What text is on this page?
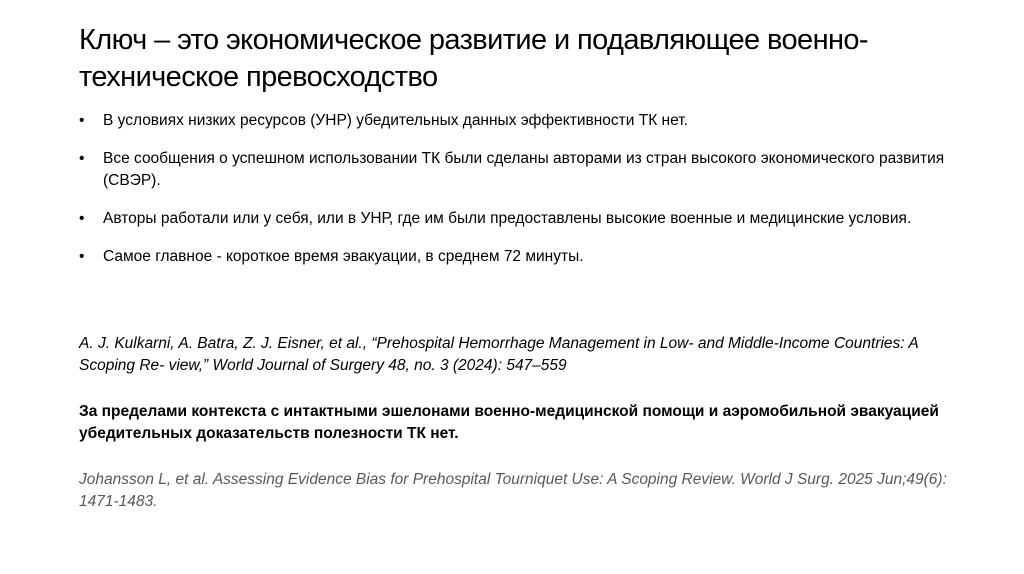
Ключ – это экономическое развитие и подавляющее военно-техническое превосходство
•	В условиях низких ресурсов (УНР) убедительных данных эффективности ТК нет.
•	Все сообщения о успешном использовании ТК были сделаны авторами из стран высокого экономического развития (СВЭР).
•	Авторы работали или у себя, или в УНР, где им были предоставлены высокие военные и медицинские условия.
•	Самое главное - короткое время эвакуации, в среднем 72 минуты.
A. J. Kulkarni, A. Batra, Z. J. Eisner, et al., “Prehospital Hemorrhage Management in Low- and Middle-Income Countries: A Scoping Re- view,” World Journal of Surgery 48, no. 3 (2024): 547–559
За пределами контекста с интактными эшелонами военно-медицинской помощи и аэромобильной эвакуацией убедительных доказательств полезности ТК нет.
Johansson L, et al. Assessing Evidence Bias for Prehospital Tourniquet Use: A Scoping Review. World J Surg. 2025 Jun;49(6): 1471-1483.
